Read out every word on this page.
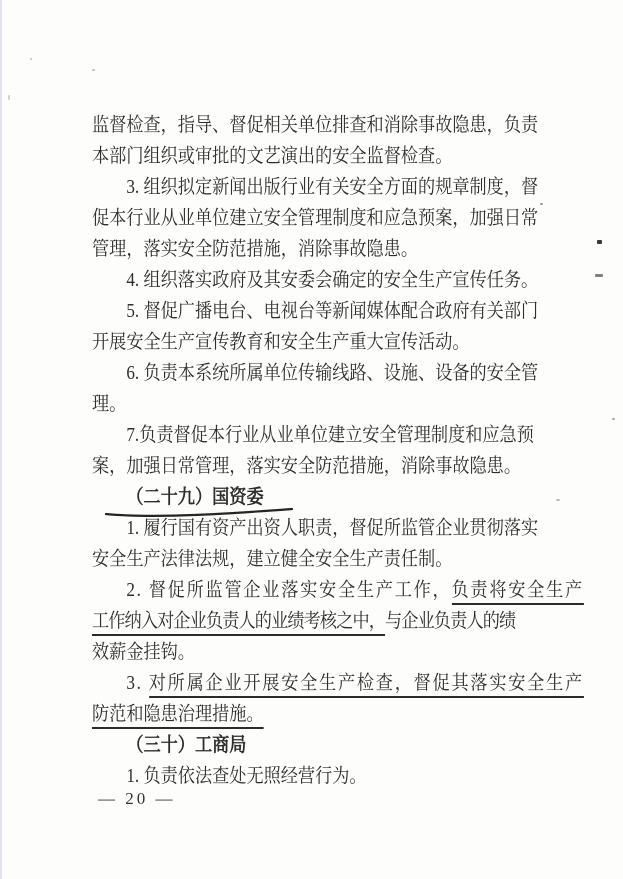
监督检查，指导、督促相关单位排查和消除事故隐患，负责
本部门组织或审批的文艺演出的安全监督检查。
3. 组织拟定新闻出版行业有关安全方面的规章制度，督
促本行业从业单位建立安全管理制度和应急预案，加强日常
管理，落实安全防范措施，消除事故隐患。
4. 组织落实政府及其安委会确定的安全生产宣传任务。
5. 督促广播电台、电视台等新闻媒体配合政府有关部门
开展安全生产宣传教育和安全生产重大宣传活动。
6. 负责本系统所属单位传输线路、设施、设备的安全管
理。
7.负责督促本行业从业单位建立安全管理制度和应急预
案，加强日常管理，落实安全防范措施，消除事故隐患。
（二十九）国资委
1. 履行国有资产出资人职责，督促所监管企业贯彻落实
安全生产法律法规，建立健全安全生产责任制。
2. 督促所监管企业落实安全生产工作，负责将安全生产
工作纳入对企业负责人的业绩考核之中，与企业负责人的绩
效薪金挂钩。
3. 对所属企业开展安全生产检查，督促其落实安全生产
防范和隐患治理措施。
（三十）工商局
1. 负责依法查处无照经营行为。
— 20 —
